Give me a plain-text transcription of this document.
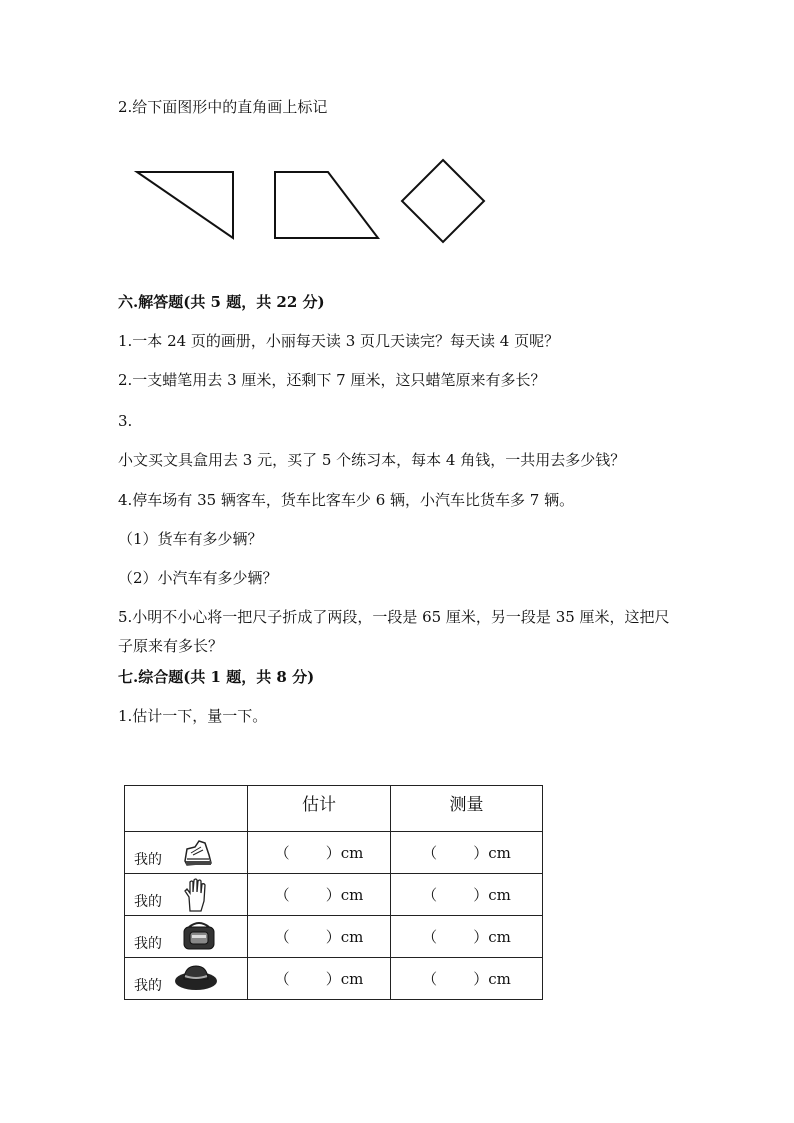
2.给下面图形中的直角画上标记
六.解答题(共 5 题，共 22 分)
1.一本 24 页的画册，小丽每天读 3 页几天读完？每天读 4 页呢？
2.一支蜡笔用去 3 厘米，还剩下 7 厘米，这只蜡笔原来有多长？
3.
小文买文具盒用去 3 元，买了 5 个练习本，每本 4 角钱，一共用去多少钱？
4.停车场有 35 辆客车，货车比客车少 6 辆，小汽车比货车多 7 辆。
（1）货车有多少辆？
（2）小汽车有多少辆？
5.小明不小心将一把尺子折成了两段，一段是 65 厘米，另一段是 35 厘米，这把尺子原来有多长？
七.综合题(共 1 题，共 8 分)
1.估计一下，量一下。
	估计	测量

我的	（ ）cm	（ ）cm

我的	（ ）cm	（ ）cm

我的	（ ）cm	（ ）cm

我的	（ ）cm	（ ）cm
